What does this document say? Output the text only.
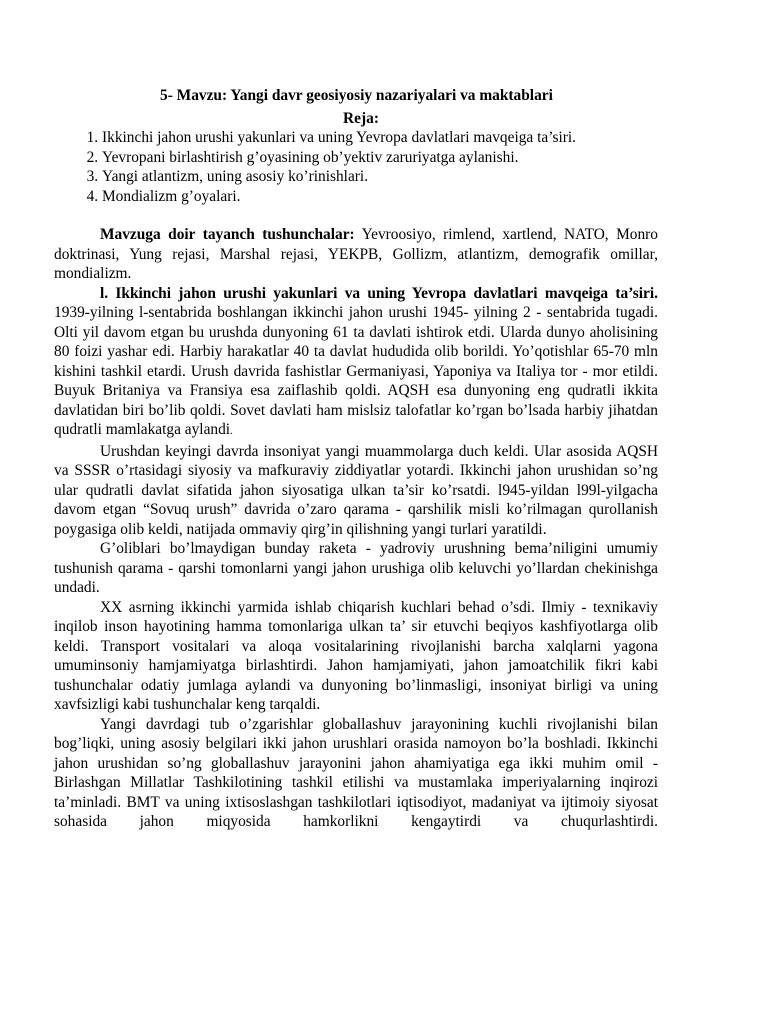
5- Mavzu: Yangi davr geosiyosiy nazariyalari va maktablari
Reja:
1. Ikkinchi jahon urushi yakunlari va uning Yevropa davlatlari mavqeiga ta’siri.
2. Yevropani birlashtirish g’oyasining ob’yektiv zaruriyatga aylanishi.
3. Yangi atlantizm, uning asosiy ko’rinishlari.
4. Mondializm g’oyalari.

Mavzuga doir tayanch tushunchalar: Yevroosiyo, rimlend, xartlend, NATO, Monro doktrinasi, Yung rejasi, Marshal rejasi, YEKPB, Gollizm, atlantizm, demografik omillar, mondializm.

l. Ikkinchi jahon urushi yakunlari va uning Yevropa davlatlari mavqeiga ta’siri. 1939-yilning l-sentabrida boshlangan ikkinchi jahon urushi 1945- yilning 2 - sentabrida tugadi. Olti yil davom etgan bu urushda dunyoning 61 ta davlati ishtirok etdi. Ularda dunyo aholisining 80 foizi yashar edi. Harbiy harakatlar 40 ta davlat hududida olib borildi. Yo’qotishlar 65-70 mln kishini tashkil etardi. Urush davrida fashistlar Germaniyasi, Yaponiya va Italiya tor - mor etildi. Buyuk Britaniya va Fransiya esa zaiflashib qoldi. AQSH esa dunyoning eng qudratli ikkita davlatidan biri bo’lib qoldi. Sovet davlati ham mislsiz talofatlar ko’rgan bo’lsada harbiy jihatdan qudratli mamlakatga aylandi.

Urushdan keyingi davrda insoniyat yangi muammolarga duch keldi. Ular asosida AQSH va SSSR o’rtasidagi siyosiy va mafkuraviy ziddiyatlar yotardi. Ikkinchi jahon urushidan so’ng ular qudratli davlat sifatida jahon siyosatiga ulkan ta’sir ko’rsatdi. l945-yildan l99l-yilgacha davom etgan “Sovuq urush” davrida o’zaro qarama - qarshilik misli ko’rilmagan qurollanish poygasiga olib keldi, natijada ommaviy qirg’in qilishning yangi turlari yaratildi.

G’oliblari bo’lmaydigan bunday raketa - yadroviy urushning bema’niligini umumiy tushunish qarama - qarshi tomonlarni yangi jahon urushiga olib keluvchi yo’llardan chekinishga undadi.

XX asrning ikkinchi yarmida ishlab chiqarish kuchlari behad o’sdi. Ilmiy - texnikaviy inqilob inson hayotining hamma tomonlariga ulkan ta’ sir etuvchi beqiyos kashfiyotlarga olib keldi. Transport vositalari va aloqa vositalarining rivojlanishi barcha xalqlarni yagona umuminsoniy hamjamiyatga birlashtirdi. Jahon hamjamiyati, jahon jamoatchilik fikri kabi tushunchalar odatiy jumlaga aylandi va dunyoning bo’linmasligi, insoniyat birligi va uning xavfsizligi kabi tushunchalar keng tarqaldi.

Yangi davrdagi tub o’zgarishlar globallashuv jarayonining kuchli rivojlanishi bilan bog’liqki, uning asosiy belgilari ikki jahon urushlari orasida namoyon bo’la boshladi. Ikkinchi jahon urushidan so’ng globallashuv jarayonini jahon ahamiyatiga ega ikki muhim omil - Birlashgan Millatlar Tashkilotining tashkil etilishi va mustamlaka imperiyalarning inqirozi ta’minladi. BMT va uning ixtisoslashgan tashkilotlari iqtisodiyot, madaniyat va ijtimoiy siyosat sohasida jahon miqyosida hamkorlikni kengaytirdi va chuqurlashtirdi.
